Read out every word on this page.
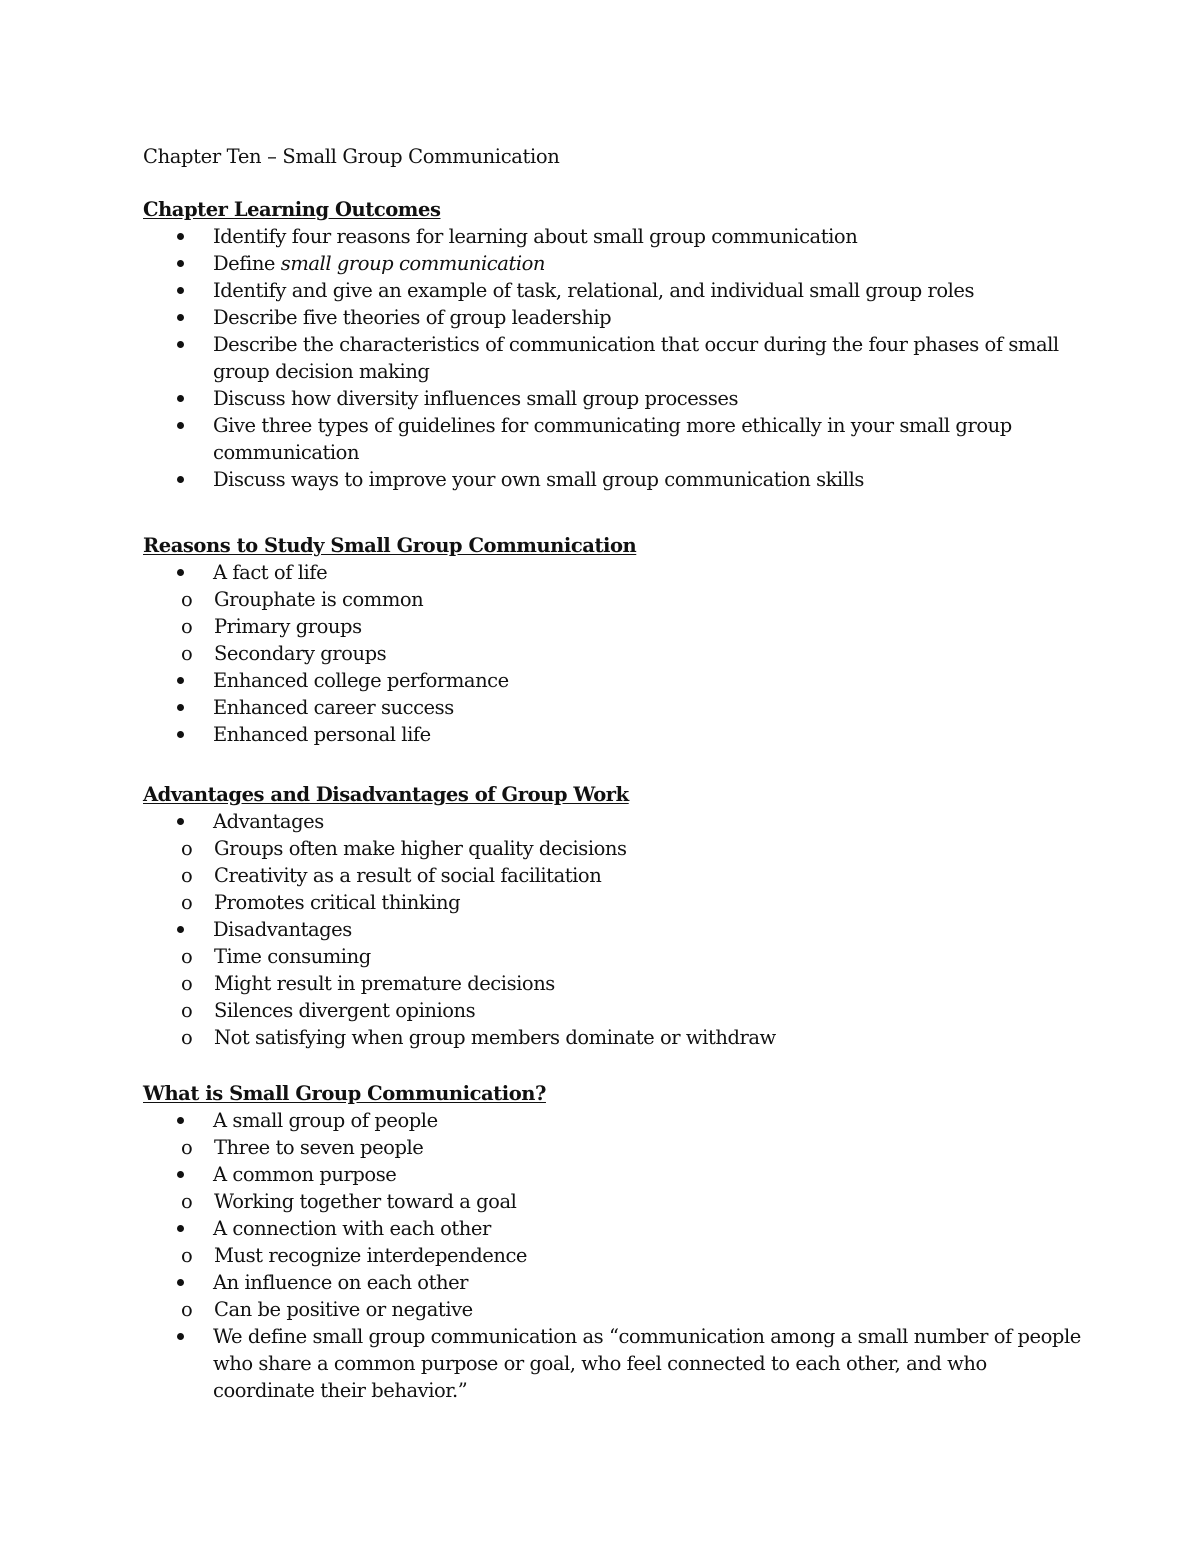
Chapter Ten – Small Group Communication
Chapter Learning Outcomes
Identify four reasons for learning about small group communication
Define small group communication
Identify and give an example of task, relational, and individual small group roles
Describe five theories of group leadership
Describe the characteristics of communication that occur during the four phases of small group decision making
Discuss how diversity influences small group processes
Give three types of guidelines for communicating more ethically in your small group communication
Discuss ways to improve your own small group communication skills
Reasons to Study Small Group Communication
A fact of life
o Grouphate is common
o Primary groups
o Secondary groups
Enhanced college performance
Enhanced career success
Enhanced personal life
Advantages and Disadvantages of Group Work
Advantages
o Groups often make higher quality decisions
o Creativity as a result of social facilitation
o Promotes critical thinking
Disadvantages
o Time consuming
o Might result in premature decisions
o Silences divergent opinions
o Not satisfying when group members dominate or withdraw
What is Small Group Communication?
A small group of people
o Three to seven people
A common purpose
o Working together toward a goal
A connection with each other
o Must recognize interdependence
An influence on each other
o Can be positive or negative
We define small group communication as “communication among a small number of people who share a common purpose or goal, who feel connected to each other, and who coordinate their behavior.”
